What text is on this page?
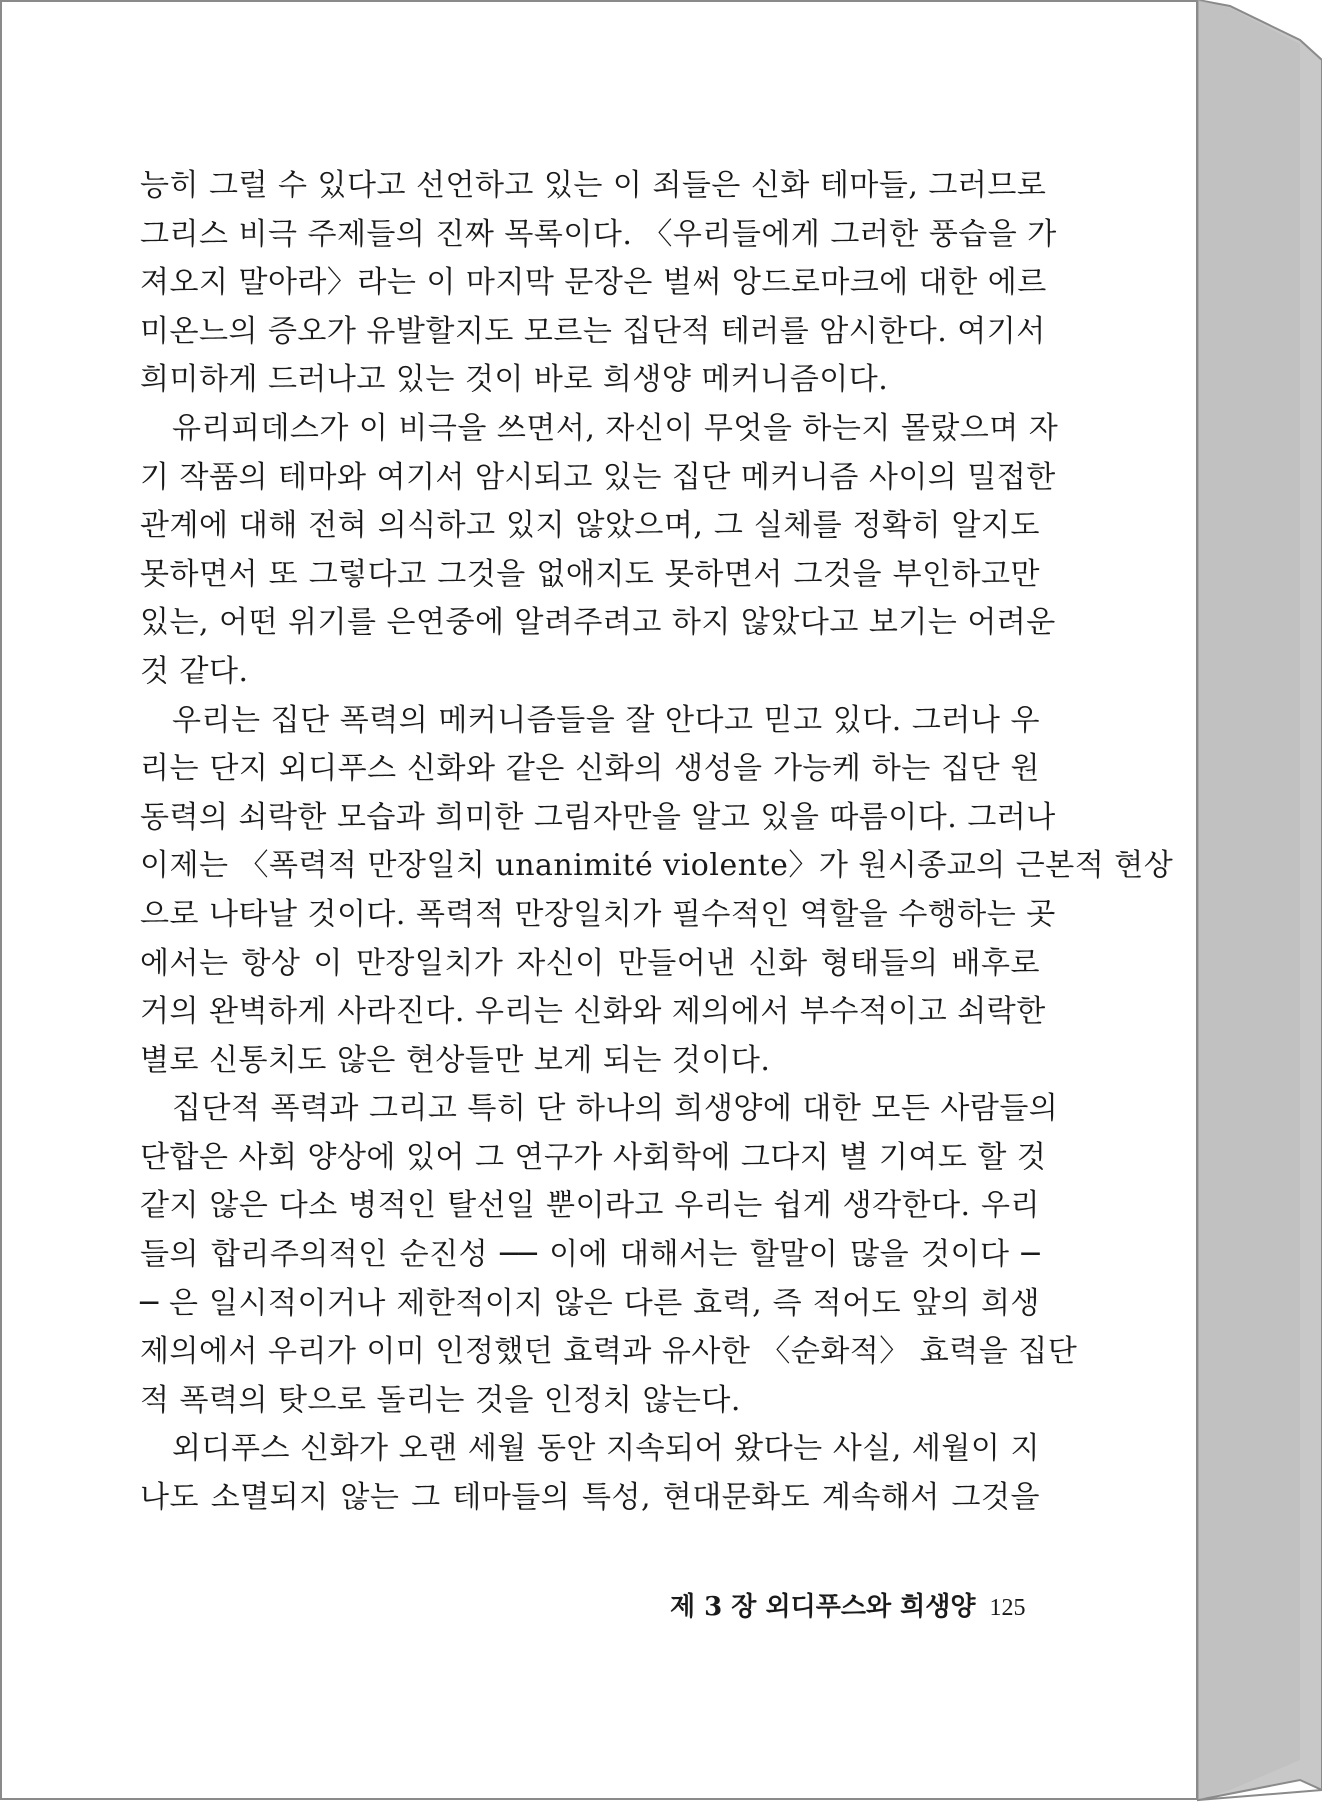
능히 그럴 수 있다고 선언하고 있는 이 죄들은 신화 테마들, 그러므로
그리스 비극 주제들의 진짜 목록이다. 〈우리들에게 그러한 풍습을 가
져오지 말아라〉라는 이 마지막 문장은 벌써 앙드로마크에 대한 에르
미온느의 증오가 유발할지도 모르는 집단적 테러를 암시한다. 여기서
희미하게 드러나고 있는 것이 바로 희생양 메커니즘이다.
유리피데스가 이 비극을 쓰면서, 자신이 무엇을 하는지 몰랐으며 자
기 작품의 테마와 여기서 암시되고 있는 집단 메커니즘 사이의 밀접한
관계에 대해 전혀 의식하고 있지 않았으며, 그 실체를 정확히 알지도
못하면서 또 그렇다고 그것을 없애지도 못하면서 그것을 부인하고만
있는, 어떤 위기를 은연중에 알려주려고 하지 않았다고 보기는 어려운
것 같다.
우리는 집단 폭력의 메커니즘들을 잘 안다고 믿고 있다. 그러나 우
리는 단지 외디푸스 신화와 같은 신화의 생성을 가능케 하는 집단 원
동력의 쇠락한 모습과 희미한 그림자만을 알고 있을 따름이다. 그러나
이제는 〈폭력적 만장일치 unanimité violente〉가 원시종교의 근본적 현상
으로 나타날 것이다. 폭력적 만장일치가 필수적인 역할을 수행하는 곳
에서는 항상 이 만장일치가 자신이 만들어낸 신화 형태들의 배후로
거의 완벽하게 사라진다. 우리는 신화와 제의에서 부수적이고 쇠락한
별로 신통치도 않은 현상들만 보게 되는 것이다.
집단적 폭력과 그리고 특히 단 하나의 희생양에 대한 모든 사람들의
단합은 사회 양상에 있어 그 연구가 사회학에 그다지 별 기여도 할 것
같지 않은 다소 병적인 탈선일 뿐이라고 우리는 쉽게 생각한다. 우리
들의 합리주의적인 순진성 ── 이에 대해서는 할말이 많을 것이다 ─
─ 은 일시적이거나 제한적이지 않은 다른 효력, 즉 적어도 앞의 희생
제의에서 우리가 이미 인정했던 효력과 유사한 〈순화적〉 효력을 집단
적 폭력의 탓으로 돌리는 것을 인정치 않는다.
외디푸스 신화가 오랜 세월 동안 지속되어 왔다는 사실, 세월이 지
나도 소멸되지 않는 그 테마들의 특성, 현대문화도 계속해서 그것을
제 3 장 외디푸스와 희생양 125
